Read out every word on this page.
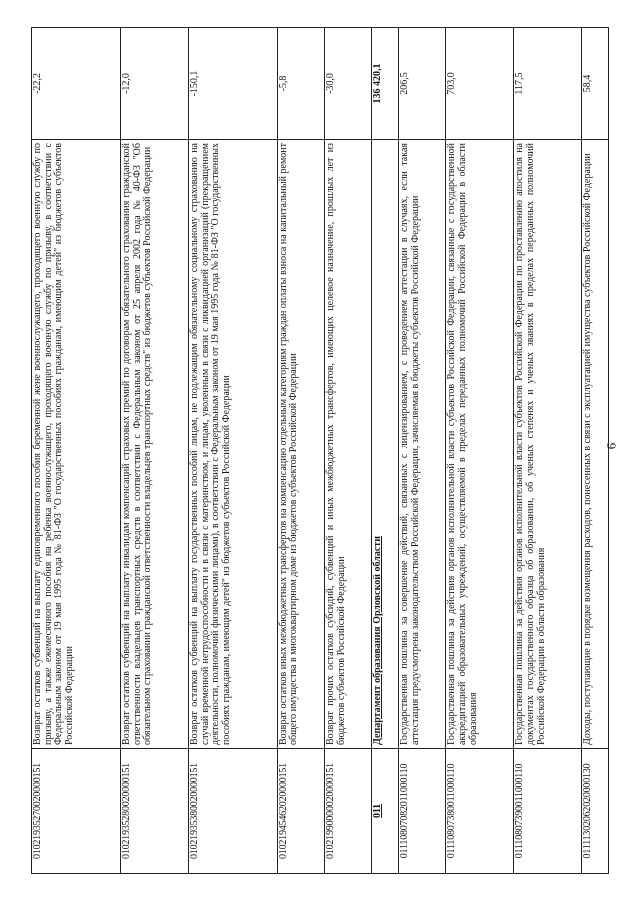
9
01021935270020000151	Возврат остатков субвенций на выплату единовременного пособия беременной жене военнослужащего, проходящего военную службу по призыву, а также ежемесячного пособия на ребенка военнослужащего, проходящего военную службу по призыву, в соответствии с Федеральным законом от 19 мая 1995 года № 81-ФЗ "О государственных пособиях гражданам, имеющим детей" из бюджетов субъектов Российской Федерации	-22,2
01021935280020000151	Возврат остатков субвенций на выплату инвалидам компенсаций страховых премий по договорам обязательного страхования гражданской ответственности владельцев транспортных средств в соответствии с Федеральным законом от 25 апреля 2002 года № 40-ФЗ "Об обязательном страховании гражданской ответственности владельцев транспортных средств" из бюджетов субъектов Российской Федерации	-12,0
01021935380020000151	Возврат остатков субвенций на выплату государственных пособий лицам, не подлежащим обязательному социальному страхованию на случай временной нетрудоспособности и в связи с материнством, и лицам, уволенным в связи с ликвидацией организаций (прекращением деятельности, полномочий физическими лицами), в соответствии с Федеральным законом от 19 мая 1995 года № 81-ФЗ "О государственных пособиях гражданам, имеющим детей" из бюджетов субъектов Российской Федерации	-150,1
01021945462020000151	Возврат остатков иных межбюджетных трансфертов на компенсацию отдельным категориям граждан оплаты взноса на капитальный ремонт общего имущества в многоквартирном доме из бюджетов субъектов Российской Федерации	-5,8
01021990000020000151	Возврат прочих остатков субсидий, субвенций и иных межбюджетных трансфертов, имеющих целевое назначение, прошлых лет из бюджетов субъектов Российской Федерации	-30,0
011	Департамент образования Орловской области	136 420,1
01110807082011000110	Государственная пошлина за совершение действий, связанных с лицензированием, с проведением аттестации в случаях, если такая аттестация предусмотрена законодательством Российской Федерации, зачисляемая в бюджеты субъектов Российской Федерации	206,5
01110807380011000110	Государственная пошлина за действия органов исполнительной власти субъектов Российской Федерации, связанные с государственной аккредитацией образовательных учреждений, осуществляемой в пределах переданных полномочий Российской Федерации в области образования	703,0
01110807390011000110	Государственная пошлина за действия органов исполнительной власти субъектов Российской Федерации по проставлению апостиля на документах государственного образца об образовании, об ученых степенях и ученых званиях в пределах переданных полномочий Российской Федерации в области образования	117,5
01111302062020000130	Доходы, поступающие в порядке возмещения расходов, понесенных в связи с эксплуатацией имущества субъектов Российской Федерации	58,4
